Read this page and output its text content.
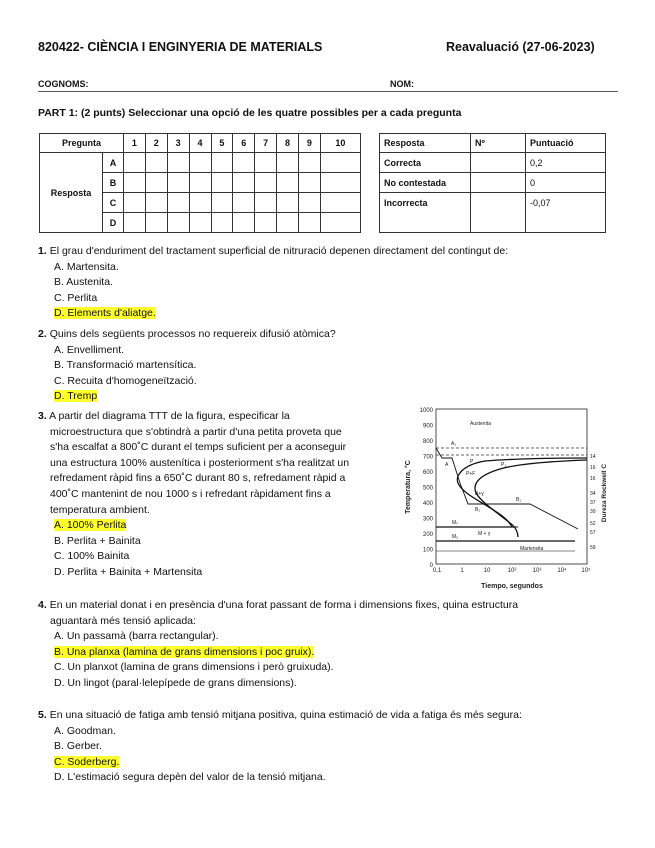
820422- CIÈNCIA I ENGINYERIA DE MATERIALS	Reavaluació (27-06-2023)
COGNOMS:	NOM:
PART 1: (2 punts) Seleccionar una opció de les quatre possibles per a cada pregunta
Pregunta		1	2	3	4	5	6	7	8	9	10
Resposta	A										
	B										
	C										
	D										
Resposta	Nº	Puntuació
Correcta		0,2
No contestada		0
Incorrecta		-0,07
1. El grau d'enduriment del tractament superficial de nitruració depenen directament del contingut de:
A. Martensita.
B. Austenita.
C. Perlita
D. Elements d'aliatge.
2. Quins dels següents processos no requereix difusió atòmica?
A. Envelliment.
B. Transformació martensítica.
C. Recuita d'homogeneïtzació.
D. Tremp
3. A partir del diagrama TTT de la figura, especificar la
microestructura que s'obtindrà a partir d'una petita proveta que
s'ha escalfat a 800˚C durant el temps suficient per a aconseguir
una estructura 100% austenítica i posteriorment s'ha realitzat un
refredament ràpid fins a 650˚C durant 80 s, refredament ràpid a
400˚C mantenint de nou 1000 s i refredant ràpidament fins a
temperatura ambient.
A. 100% Perlita
B. Perlita + Bainita
C. 100% Bainita
D. Perlita + Bainita + Martensita
1000
900
800
700
600
500
400
300
200
100
0
0,1	1	10	10²	10³	10⁴ 10⁵
14
16
16
34
37
39
52
57
59
Temperatura, °C	Dureza Rockwell C
Tiempo, segundos
Austenita
A₁
A	P	P₁
P+F
B+γ
B₁
B₂
Mₛ
M₅	M + γ
Martensita
4. En un material donat i en presència d'una forat passant de forma i dimensions fixes, quina estructura
aguantarà més tensió aplicada:
A. Un passamà (barra rectangular).
B. Una planxa (lamina de grans dimensions i poc gruix).
C. Un planxot (lamina de grans dimensions i però gruixuda).
D. Un lingot (paral·lelepípede de grans dimensions).
5. En una situació de fatiga amb tensió mitjana positiva, quina estimació de vida a fatiga és més segura:
A. Goodman.
B. Gerber.
C. Soderberg.
D. L'estimació segura depèn del valor de la tensió mitjana.
